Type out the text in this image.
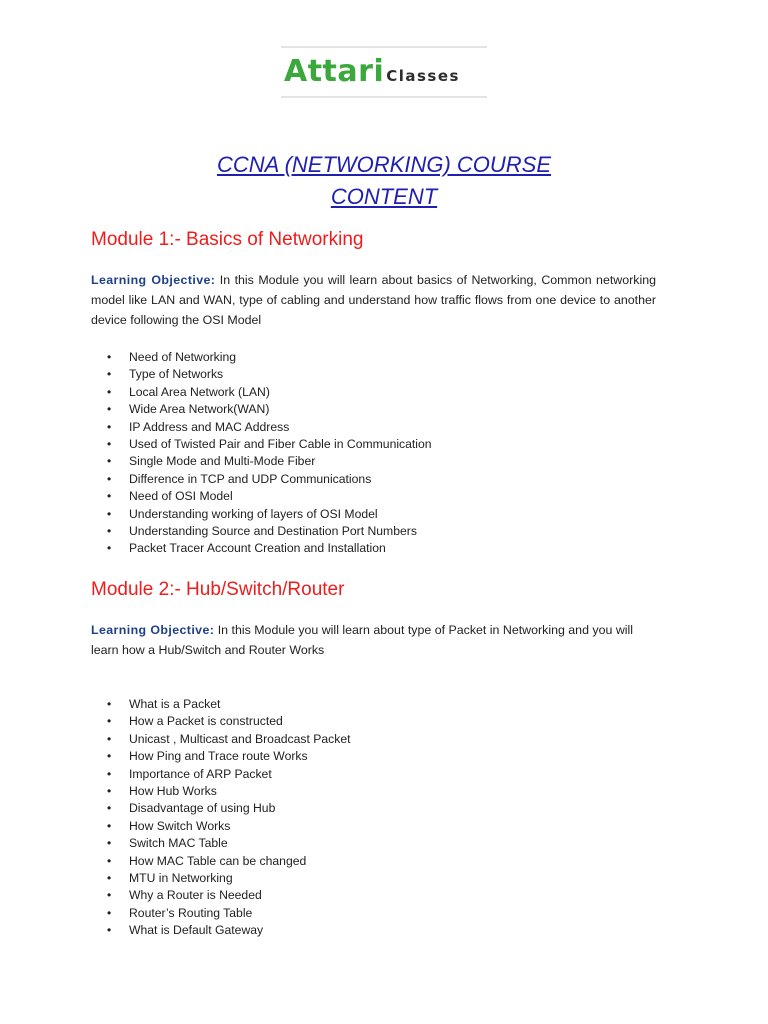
Attari Classes
CCNA (NETWORKING) COURSE
CONTENT
Module 1:- Basics of Networking
Learning Objective: In this Module you will learn about basics of Networking, Common networking model like LAN and WAN, type of cabling and understand how traffic flows from one device to another device following the OSI Model
• Need of Networking
• Type of Networks
• Local Area Network (LAN)
• Wide Area Network(WAN)
• IP Address and MAC Address
• Used of Twisted Pair and Fiber Cable in Communication
• Single Mode and Multi-Mode Fiber
• Difference in TCP and UDP Communications
• Need of OSI Model
• Understanding working of layers of OSI Model
• Understanding Source and Destination Port Numbers
• Packet Tracer Account Creation and Installation
Module 2:- Hub/Switch/Router
Learning Objective: In this Module you will learn about type of Packet in Networking and you will learn how a Hub/Switch and Router Works
• What is a Packet
• How a Packet is constructed
• Unicast , Multicast and Broadcast Packet
• How Ping and Trace route Works
• Importance of ARP Packet
• How Hub Works
• Disadvantage of using Hub
• How Switch Works
• Switch MAC Table
• How MAC Table can be changed
• MTU in Networking
• Why a Router is Needed
• Router’s Routing Table
• What is Default Gateway
